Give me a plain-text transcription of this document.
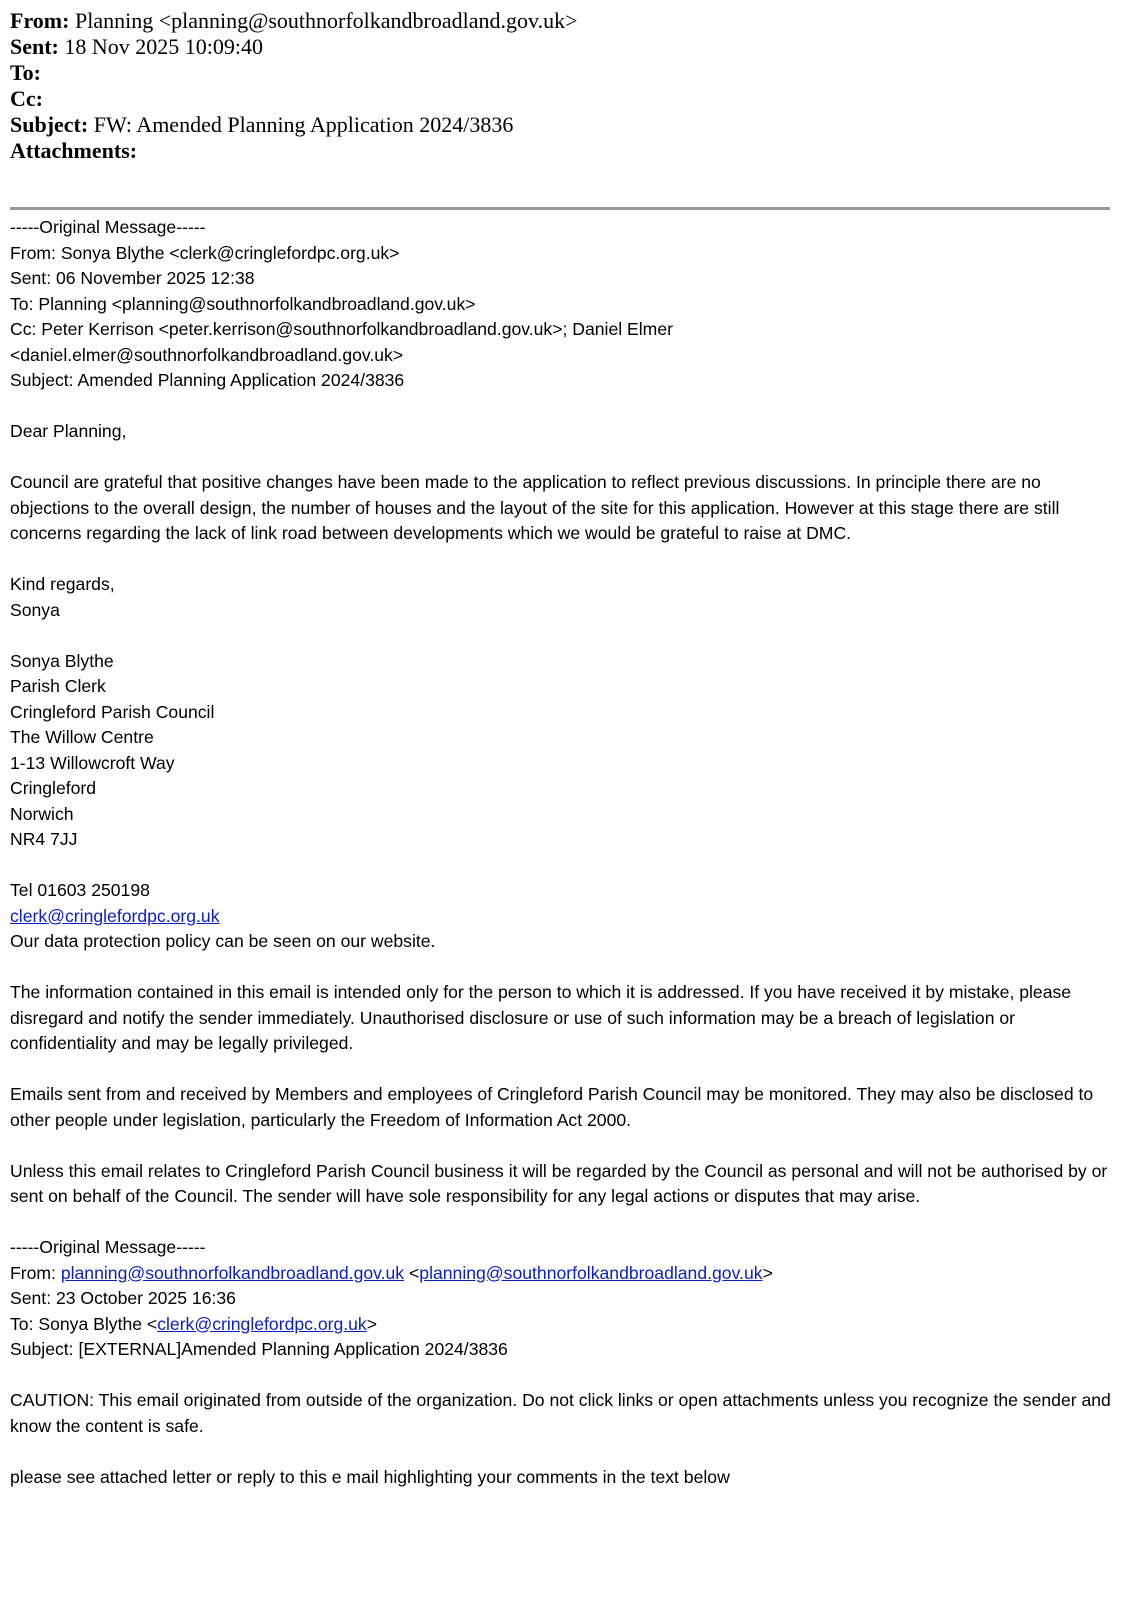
From: Planning <planning@southnorfolkandbroadland.gov.uk>
Sent: 18 Nov 2025 10:09:40
To:
Cc:
Subject: FW: Amended Planning Application 2024/3836
Attachments:
-----Original Message-----
From: Sonya Blythe <clerk@cringlefordpc.org.uk>
Sent: 06 November 2025 12:38
To: Planning <planning@southnorfolkandbroadland.gov.uk>
Cc: Peter Kerrison <peter.kerrison@southnorfolkandbroadland.gov.uk>; Daniel Elmer
<daniel.elmer@southnorfolkandbroadland.gov.uk>
Subject: Amended Planning Application 2024/3836
Dear Planning,
Council are grateful that positive changes have been made to the application to reflect previous discussions. In principle there are no objections to the overall design, the number of houses and the layout of the site for this application. However at this stage there are still concerns regarding the lack of link road between developments which we would be grateful to raise at DMC.
Kind regards,
Sonya
Sonya Blythe
Parish Clerk
Cringleford Parish Council
The Willow Centre
1-13 Willowcroft Way
Cringleford
Norwich
NR4 7JJ
Tel 01603 250198
clerk@cringlefordpc.org.uk
Our data protection policy can be seen on our website.
The information contained in this email is intended only for the person to which it is addressed. If you have received it by mistake, please disregard and notify the sender immediately. Unauthorised disclosure or use of such information may be a breach of legislation or confidentiality and may be legally privileged.
Emails sent from and received by Members and employees of Cringleford Parish Council may be monitored. They may also be disclosed to other people under legislation, particularly the Freedom of Information Act 2000.
Unless this email relates to Cringleford Parish Council business it will be regarded by the Council as personal and will not be authorised by or sent on behalf of the Council. The sender will have sole responsibility for any legal actions or disputes that may arise.
-----Original Message-----
From: planning@southnorfolkandbroadland.gov.uk <planning@southnorfolkandbroadland.gov.uk>
Sent: 23 October 2025 16:36
To: Sonya Blythe <clerk@cringlefordpc.org.uk>
Subject: [EXTERNAL]Amended Planning Application 2024/3836
CAUTION: This email originated from outside of the organization. Do not click links or open attachments unless you recognize the sender and know the content is safe.
please see attached letter or reply to this e mail highlighting your comments in the text below
